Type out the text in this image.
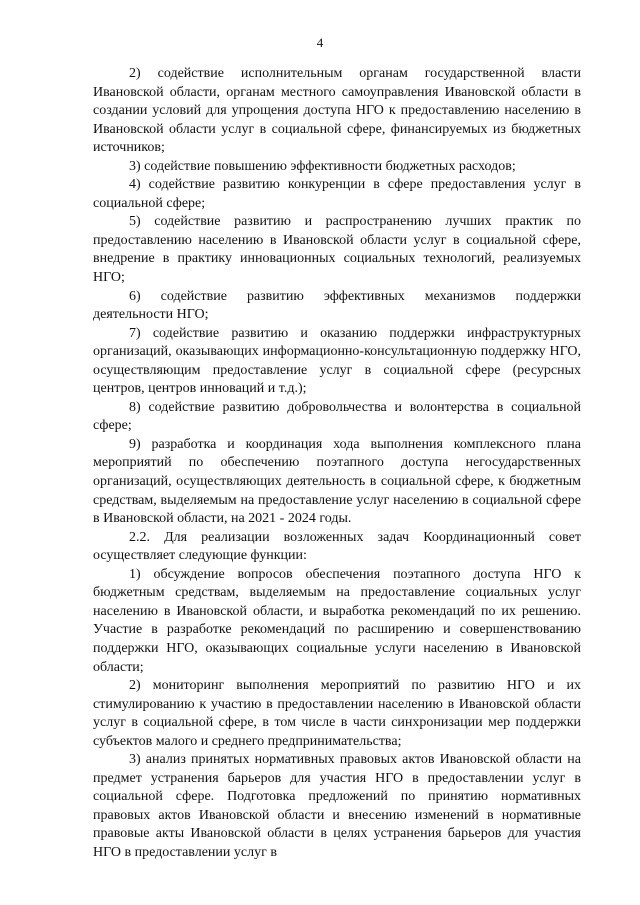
4

2) содействие исполнительным органам государственной власти Ивановской области, органам местного самоуправления Ивановской области в создании условий для упрощения доступа НГО к предоставлению населению в Ивановской области услуг в социальной сфере, финансируемых из бюджетных источников;

3) содействие повышению эффективности бюджетных расходов;

4) содействие развитию конкуренции в сфере предоставления услуг в социальной сфере;

5) содействие развитию и распространению лучших практик по предоставлению населению в Ивановской области услуг в социальной сфере, внедрение в практику инновационных социальных технологий, реализуемых НГО;

6) содействие развитию эффективных механизмов поддержки деятельности НГО;

7) содействие развитию и оказанию поддержки инфраструктурных организаций, оказывающих информационно-консультационную поддержку НГО, осуществляющим предоставление услуг в социальной сфере (ресурсных центров, центров инноваций и т.д.);

8) содействие развитию добровольчества и волонтерства в социальной сфере;

9) разработка и координация хода выполнения комплексного плана мероприятий по обеспечению поэтапного доступа негосударственных организаций, осуществляющих деятельность в социальной сфере, к бюджетным средствам, выделяемым на предоставление услуг населению в социальной сфере в Ивановской области, на 2021 - 2024 годы.

2.2. Для реализации возложенных задач Координационный совет осуществляет следующие функции:

1) обсуждение вопросов обеспечения поэтапного доступа НГО к бюджетным средствам, выделяемым на предоставление социальных услуг населению в Ивановской области, и выработка рекомендаций по их решению. Участие в разработке рекомендаций по расширению и совершенствованию поддержки НГО, оказывающих социальные услуги населению в Ивановской области;

2) мониторинг выполнения мероприятий по развитию НГО и их стимулированию к участию в предоставлении населению в Ивановской области услуг в социальной сфере, в том числе в части синхронизации мер поддержки субъектов малого и среднего предпринимательства;

3) анализ принятых нормативных правовых актов Ивановской области на предмет устранения барьеров для участия НГО в предоставлении услуг в социальной сфере. Подготовка предложений по принятию нормативных правовых актов Ивановской области и внесению изменений в нормативные правовые акты Ивановской области в целях устранения барьеров для участия НГО в предоставлении услуг в
